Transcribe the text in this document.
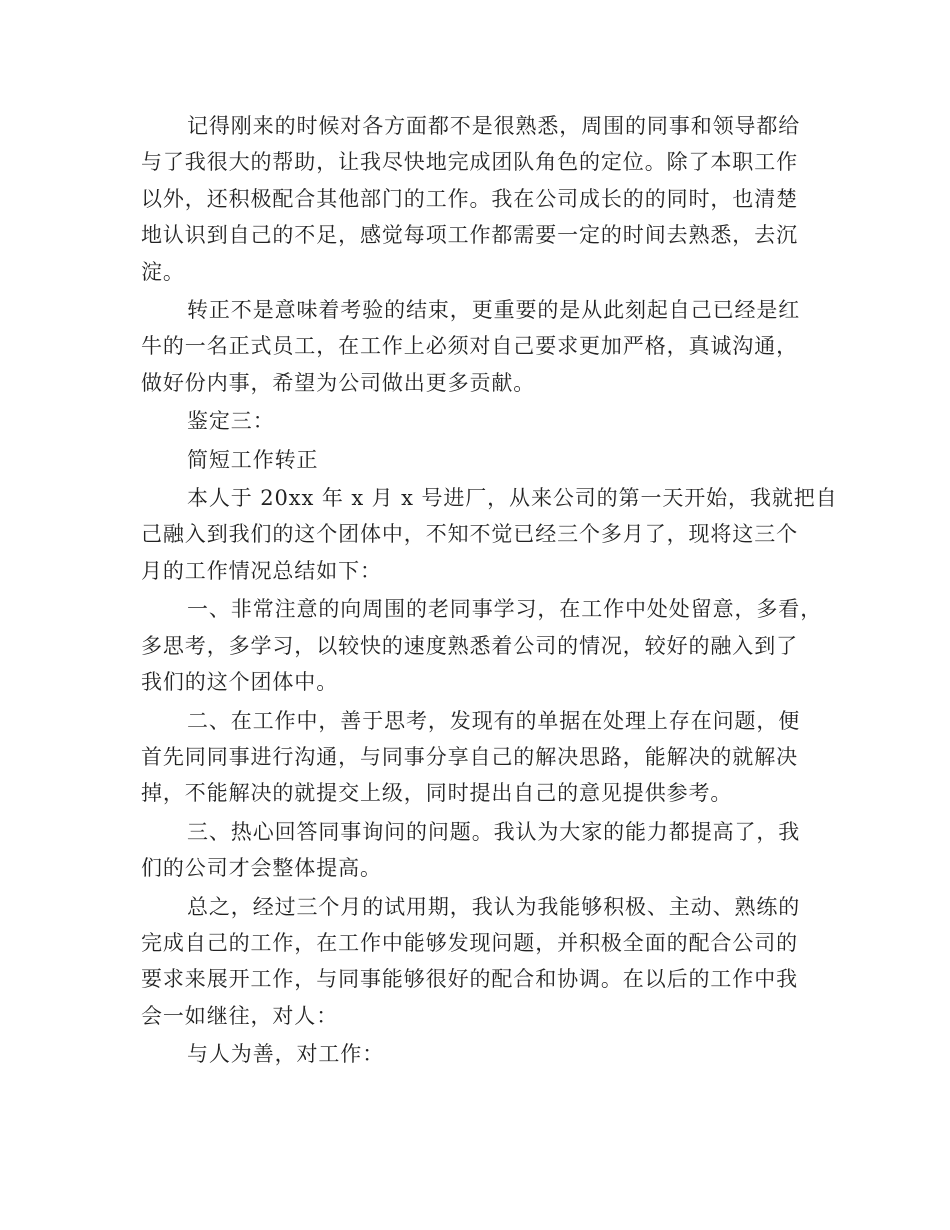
记得刚来的时候对各方面都不是很熟悉，周围的同事和领导都给
与了我很大的帮助，让我尽快地完成团队角色的定位。除了本职工作
以外，还积极配合其他部门的工作。我在公司成长的的同时，也清楚
地认识到自己的不足，感觉每项工作都需要一定的时间去熟悉，去沉
淀。
转正不是意味着考验的结束，更重要的是从此刻起自己已经是红
牛的一名正式员工，在工作上必须对自己要求更加严格，真诚沟通，
做好份内事，希望为公司做出更多贡献。
鉴定三：
简短工作转正
本人于 20xx 年 x 月 x 号进厂，从来公司的第一天开始，我就把自
己融入到我们的这个团体中，不知不觉已经三个多月了，现将这三个
月的工作情况总结如下：
一、非常注意的向周围的老同事学习，在工作中处处留意，多看，
多思考，多学习，以较快的速度熟悉着公司的情况，较好的融入到了
我们的这个团体中。
二、在工作中，善于思考，发现有的单据在处理上存在问题，便
首先同同事进行沟通，与同事分享自己的解决思路，能解决的就解决
掉，不能解决的就提交上级，同时提出自己的意见提供参考。
三、热心回答同事询问的问题。我认为大家的能力都提高了，我
们的公司才会整体提高。
总之，经过三个月的试用期，我认为我能够积极、主动、熟练的
完成自己的工作，在工作中能够发现问题，并积极全面的配合公司的
要求来展开工作，与同事能够很好的配合和协调。在以后的工作中我
会一如继往，对人：
与人为善，对工作：
